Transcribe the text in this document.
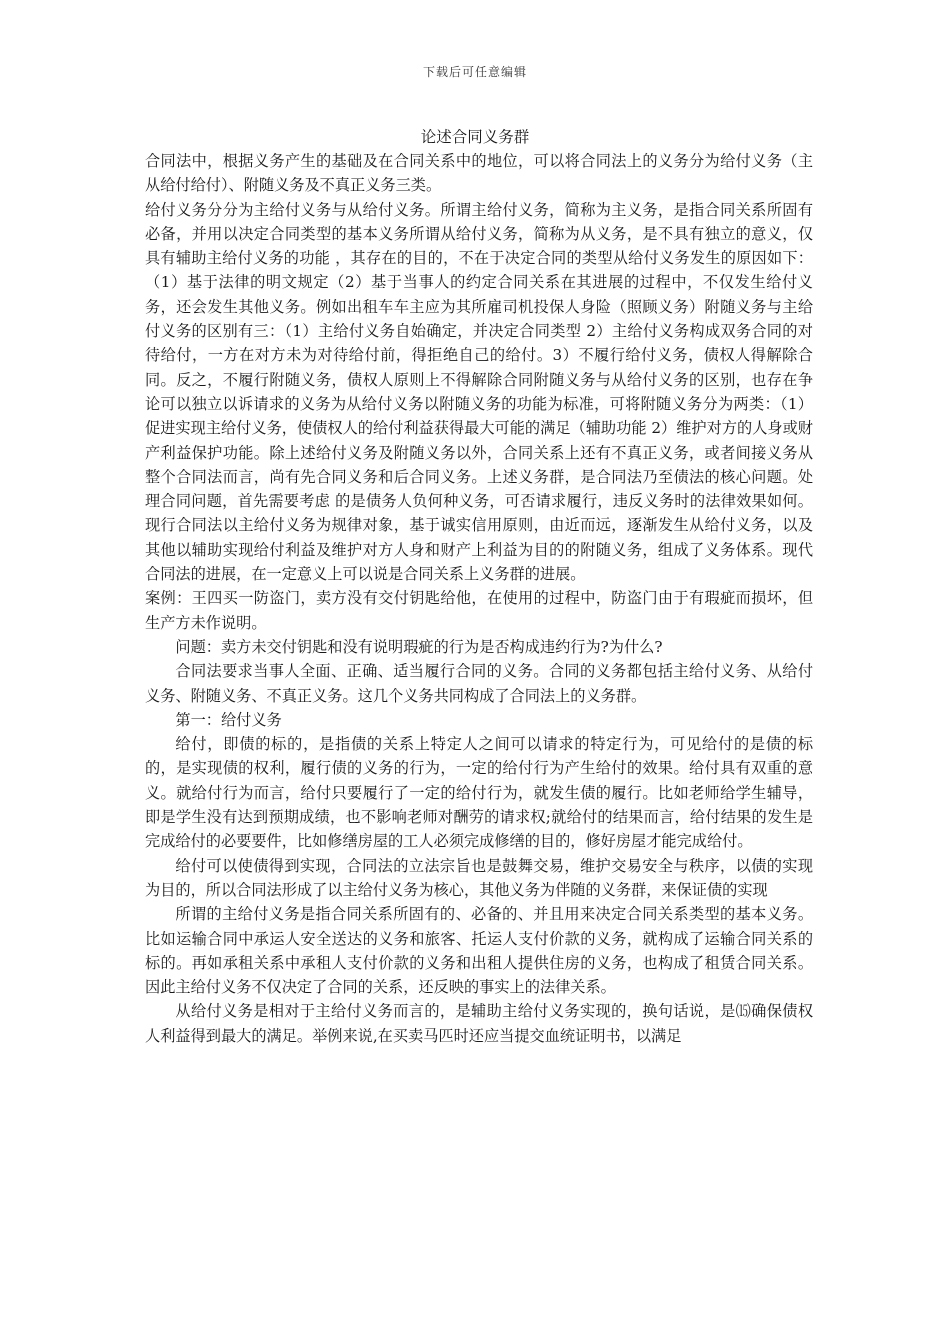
下载后可任意编辑
论述合同义务群

合同法中，根据义务产生的基础及在合同关系中的地位，可以将合同法上的义务分为给付义务（主从给付给付）、附随义务及不真正义务三类。

给付义务分分为主给付义务与从给付义务。所谓主给付义务，简称为主义务，是指合同关系所固有必备，并用以决定合同类型的基本义务所谓从给付义务，简称为从义务，是不具有独立的意义，仅具有辅助主给付义务的功能 ，其存在的目的，不在于决定合同的类型从给付义务发生的原因如下：（1）基于法律的明文规定（2）基于当事人的约定合同关系在其进展的过程中，不仅发生给付义务，还会发生其他义务。例如出租车车主应为其所雇司机投保人身险（照顾义务）附随义务与主给付义务的区别有三：（1）主给付义务自始确定，并决定合同类型 2）主给付义务构成双务合同的对待给付，一方在对方未为对待给付前，得拒绝自己的给付。3）不履行给付义务，债权人得解除合同。反之，不履行附随义务，债权人原则上不得解除合同附随义务与从给付义务的区别，也存在争论可以独立以诉请求的义务为从给付义务以附随义务的功能为标准，可将附随义务分为两类：（1）促进实现主给付义务，使债权人的给付利益获得最大可能的满足（辅助功能 2）维护对方的人身或财产利益保护功能。除上述给付义务及附随义务以外，合同关系上还有不真正义务，或者间接义务从整个合同法而言，尚有先合同义务和后合同义务。上述义务群，是合同法乃至债法的核心问题。处理合同问题，首先需要考虑 的是债务人负何种义务，可否请求履行，违反义务时的法律效果如何。现行合同法以主给付义务为规律对象，基于诚实信用原则，由近而远，逐渐发生从给付义务，以及其他以辅助实现给付利益及维护对方人身和财产上利益为目的的附随义务，组成了义务体系。现代合同法的进展，在一定意义上可以说是合同关系上义务群的进展。

案例：王四买一防盗门，卖方没有交付钥匙给他，在使用的过程中，防盗门由于有瑕疵而损坏，但生产方未作说明。

问题：卖方未交付钥匙和没有说明瑕疵的行为是否构成违约行为?为什么?

合同法要求当事人全面、正确、适当履行合同的义务。合同的义务都包括主给付义务、从给付义务、附随义务、不真正义务。这几个义务共同构成了合同法上的义务群。

第一：给付义务

给付，即债的标的，是指债的关系上特定人之间可以请求的特定行为，可见给付的是债的标的，是实现债的权利，履行债的义务的行为，一定的给付行为产生给付的效果。给付具有双重的意义。就给付行为而言，给付只要履行了一定的给付行为，就发生债的履行。比如老师给学生辅导，即是学生没有达到预期成绩，也不影响老师对酬劳的请求权;就给付的结果而言，给付结果的发生是完成给付的必要要件，比如修缮房屋的工人必须完成修缮的目的，修好房屋才能完成给付。

给付可以使债得到实现，合同法的立法宗旨也是鼓舞交易，维护交易安全与秩序，以债的实现为目的，所以合同法形成了以主给付义务为核心，其他义务为伴随的义务群，来保证债的实现

所谓的主给付义务是指合同关系所固有的、必备的、并且用来决定合同关系类型的基本义务。比如运输合同中承运人安全送达的义务和旅客、托运人支付价款的义务，就构成了运输合同关系的标的。再如承租关系中承租人支付价款的义务和出租人提供住房的义务，也构成了租赁合同关系。因此主给付义务不仅决定了合同的关系，还反映的事实上的法律关系。

从给付义务是相对于主给付义务而言的，是辅助主给付义务实现的，换句话说，是⒂确保债权人利益得到最大的满足。举例来说,在买卖马匹时还应当提交血统证明书，以满足
